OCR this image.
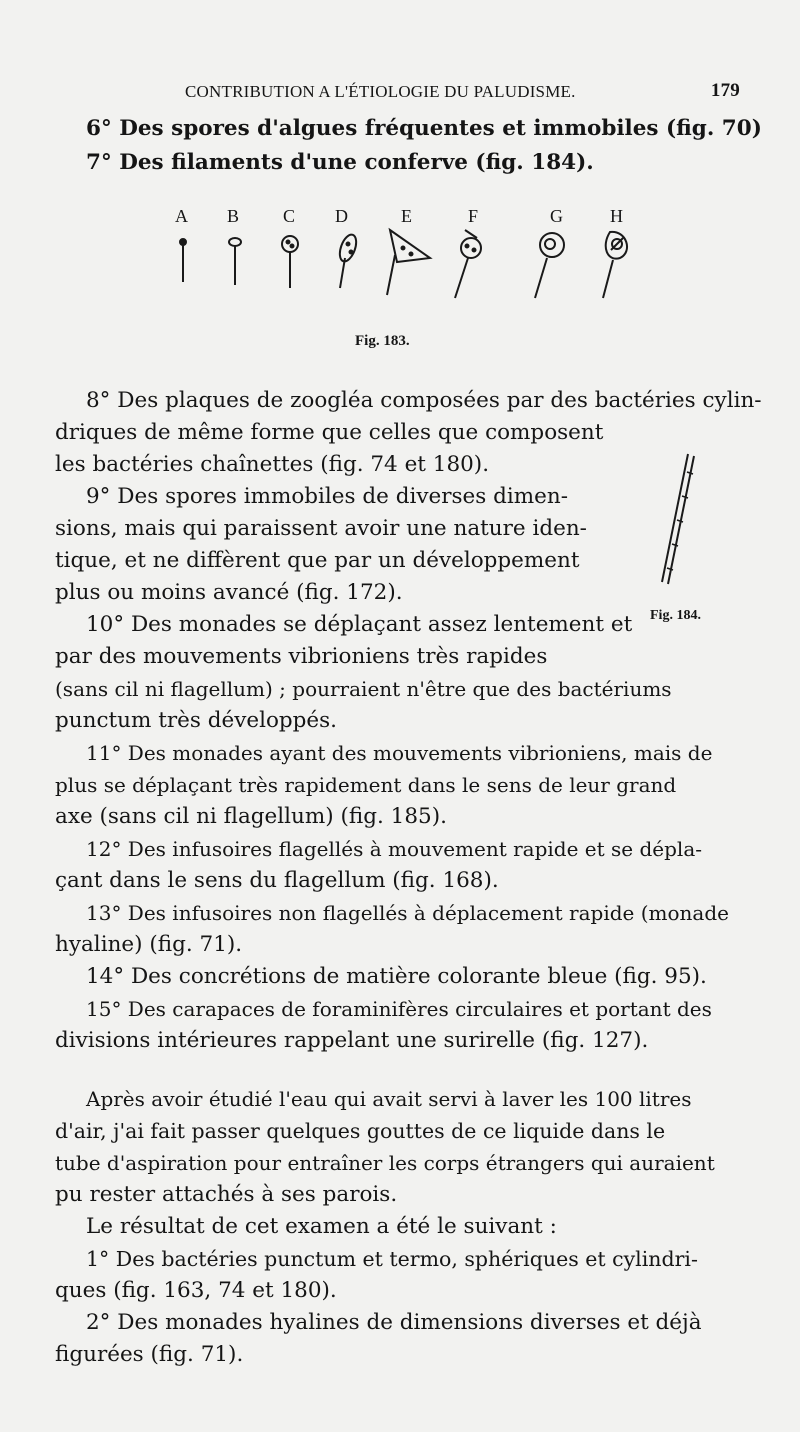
CONTRIBUTION A L'ÉTIOLOGIE DU PALUDISME.	179
6° Des spores d'algues fréquentes et immobiles (fig. 70)
7° Des filaments d'une conferve (fig. 184).
A B C D	E	F	G	H
Fig. 183.
Fig. 184.
8° Des plaques de zoogléa composées par des bactéries cylin-
driques de même forme que celles que composent
les bactéries chaînettes (fig. 74 et 180).
9° Des spores immobiles de diverses dimen-
sions, mais qui paraissent avoir une nature iden-
tique, et ne diffèrent que par un développement
plus ou moins avancé (fig. 172).
10° Des monades se déplaçant assez lentement et
par des mouvements vibrioniens très rapides
(sans cil ni flagellum) ; pourraient n'être que des bactériums
punctum très développés.
11° Des monades ayant des mouvements vibrioniens, mais de
plus se déplaçant très rapidement dans le sens de leur grand
axe (sans cil ni flagellum) (fig. 185).
12° Des infusoires flagellés à mouvement rapide et se dépla-
çant dans le sens du flagellum (fig. 168).
13° Des infusoires non flagellés à déplacement rapide (monade
hyaline) (fig. 71).
14° Des concrétions de matière colorante bleue (fig. 95).
15° Des carapaces de foraminifères circulaires et portant des
divisions intérieures rappelant une surirelle (fig. 127).
Après avoir étudié l'eau qui avait servi à laver les 100 litres
d'air, j'ai fait passer quelques gouttes de ce liquide dans le
tube d'aspiration pour entraîner les corps étrangers qui auraient
pu rester attachés à ses parois.
Le résultat de cet examen a été le suivant :
1° Des bactéries punctum et termo, sphériques et cylindri-
ques (fig. 163, 74 et 180).
2° Des monades hyalines de dimensions diverses et déjà
figurées (fig. 71).
